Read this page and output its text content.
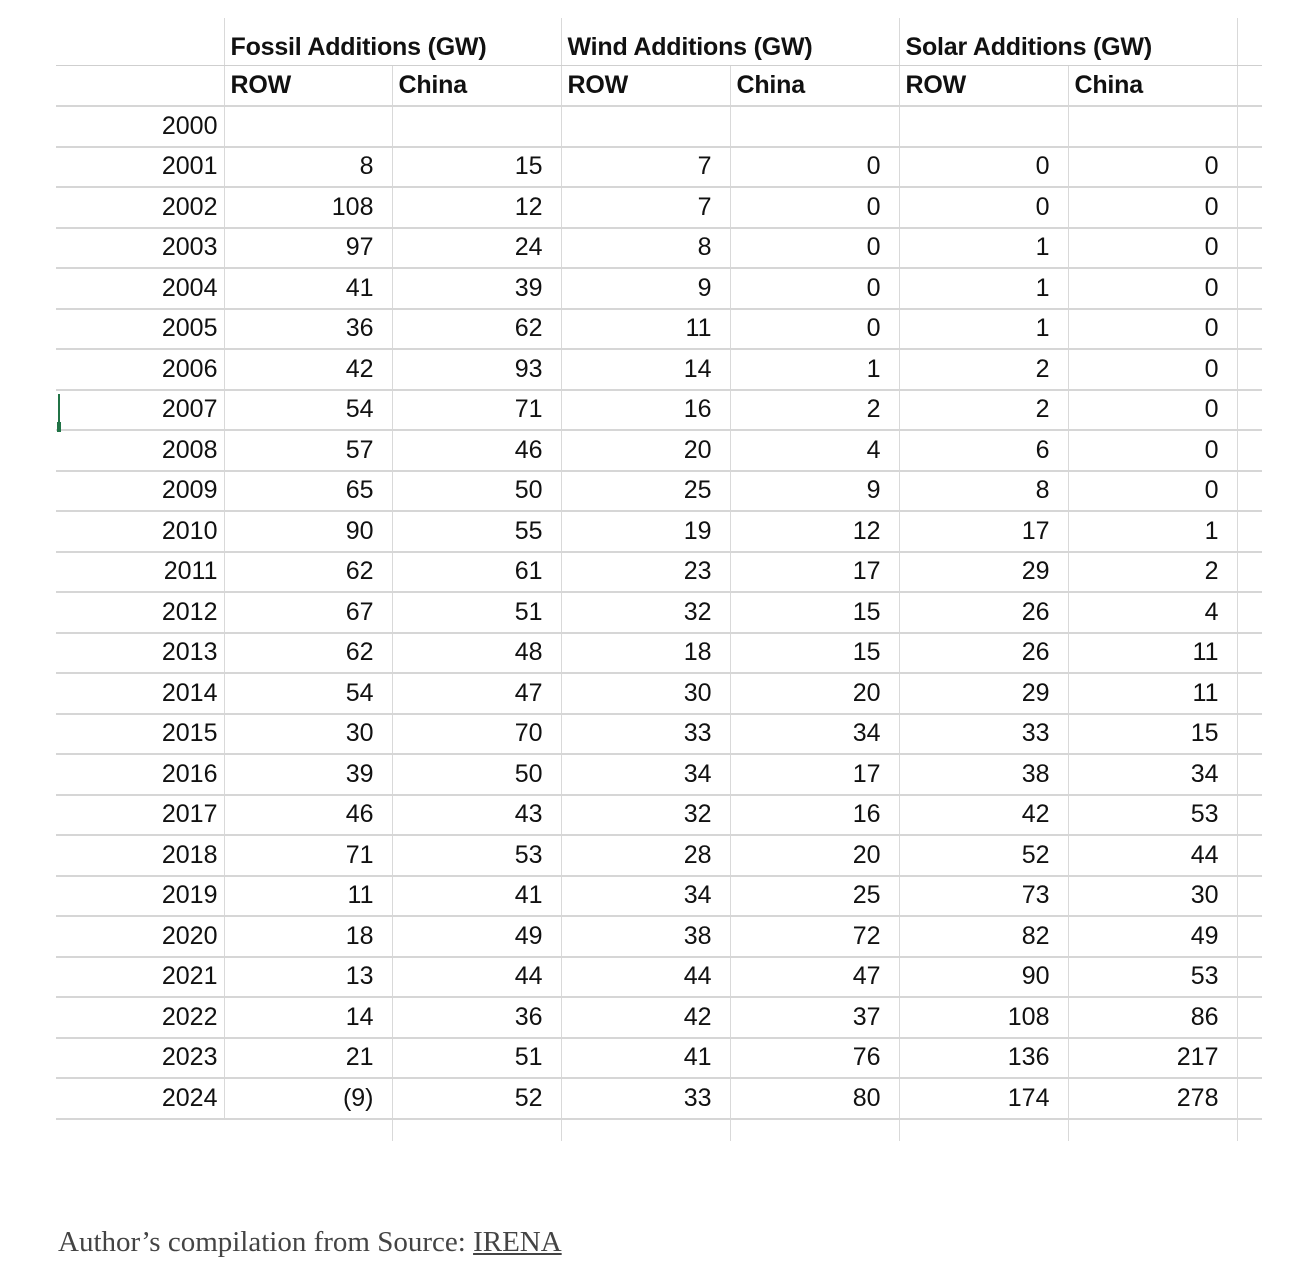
	Fossil Additions (GW)		Wind Additions (GW)		Solar Additions (GW)		
	ROW	China	ROW	China	ROW	China	
2000							
2001	8	15	7	0	0	0	
2002	108	12	7	0	0	0	
2003	97	24	8	0	1	0	
2004	41	39	9	0	1	0	
2005	36	62	11	0	1	0	
2006	42	93	14	1	2	0	
2007	54	71	16	2	2	0	
2008	57	46	20	4	6	0	
2009	65	50	25	9	8	0	
2010	90	55	19	12	17	1	
2011	62	61	23	17	29	2	
2012	67	51	32	15	26	4	
2013	62	48	18	15	26	11	
2014	54	47	30	20	29	11	
2015	30	70	33	34	33	15	
2016	39	50	34	17	38	34	
2017	46	43	32	16	42	53	
2018	71	53	28	20	52	44	
2019	11	41	34	25	73	30	
2020	18	49	38	72	82	49	
2021	13	44	44	47	90	53	
2022	14	36	42	37	108	86	
2023	21	51	41	76	136	217	
2024	(9)	52	33	80	174	278	

Author’s compilation from Source: IRENA
